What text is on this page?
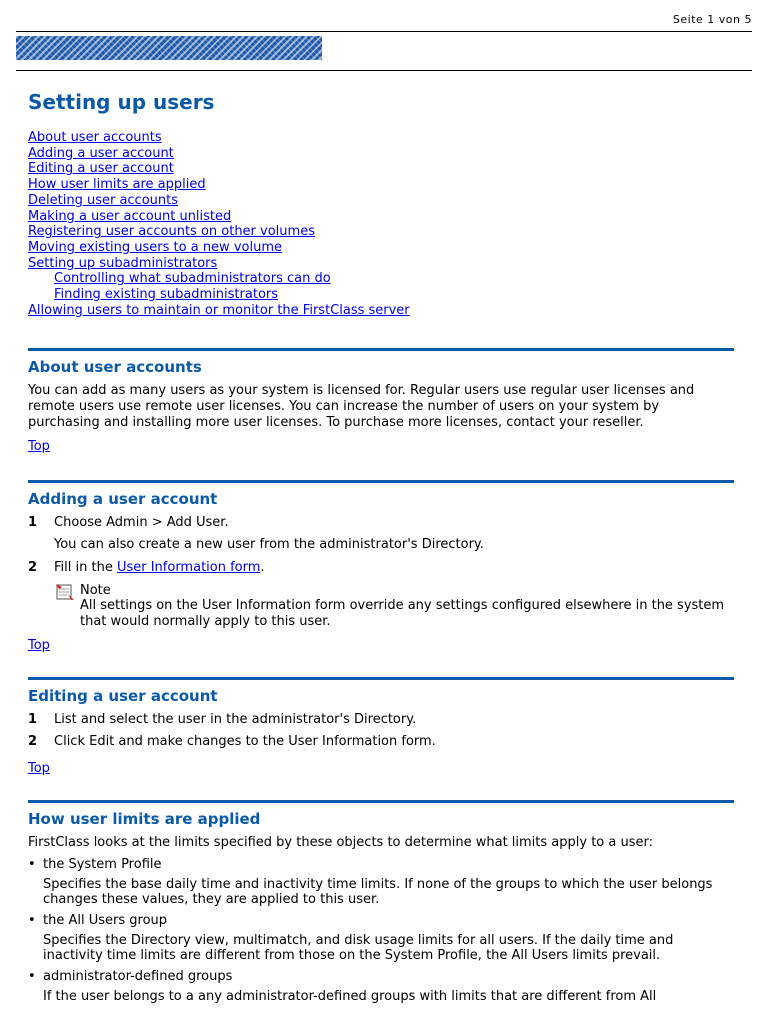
Seite 1 von 5
Setting up users
About user accounts
Adding a user account
Editing a user account
How user limits are applied
Deleting user accounts
Making a user account unlisted
Registering user accounts on other volumes
Moving existing users to a new volume
Setting up subadministrators
Controlling what subadministrators can do
Finding existing subadministrators
Allowing users to maintain or monitor the FirstClass server
About user accounts

You can add as many users as your system is licensed for. Regular users use regular user licenses and remote users use remote user licenses. You can increase the number of users on your system by purchasing and installing more user licenses. To purchase more licenses, contact your reseller.

Top
Adding a user account
1	Choose Admin > Add User.
You can also create a new user from the administrator's Directory.
2	Fill in the User Information form.
Note
All settings on the User Information form override any settings configured elsewhere in the system that would normally apply to this user.
Top
Editing a user account
1	List and select the user in the administrator's Directory.
2	Click Edit and make changes to the User Information form.
Top
How user limits are applied

FirstClass looks at the limits specified by these objects to determine what limits apply to a user:

• the System Profile
Specifies the base daily time and inactivity time limits. If none of the groups to which the user belongs changes these values, they are applied to this user.
• the All Users group
Specifies the Directory view, multimatch, and disk usage limits for all users. If the daily time and inactivity time limits are different from those on the System Profile, the All Users limits prevail.
• administrator-defined groups
If the user belongs to a any administrator-defined groups with limits that are different from All
